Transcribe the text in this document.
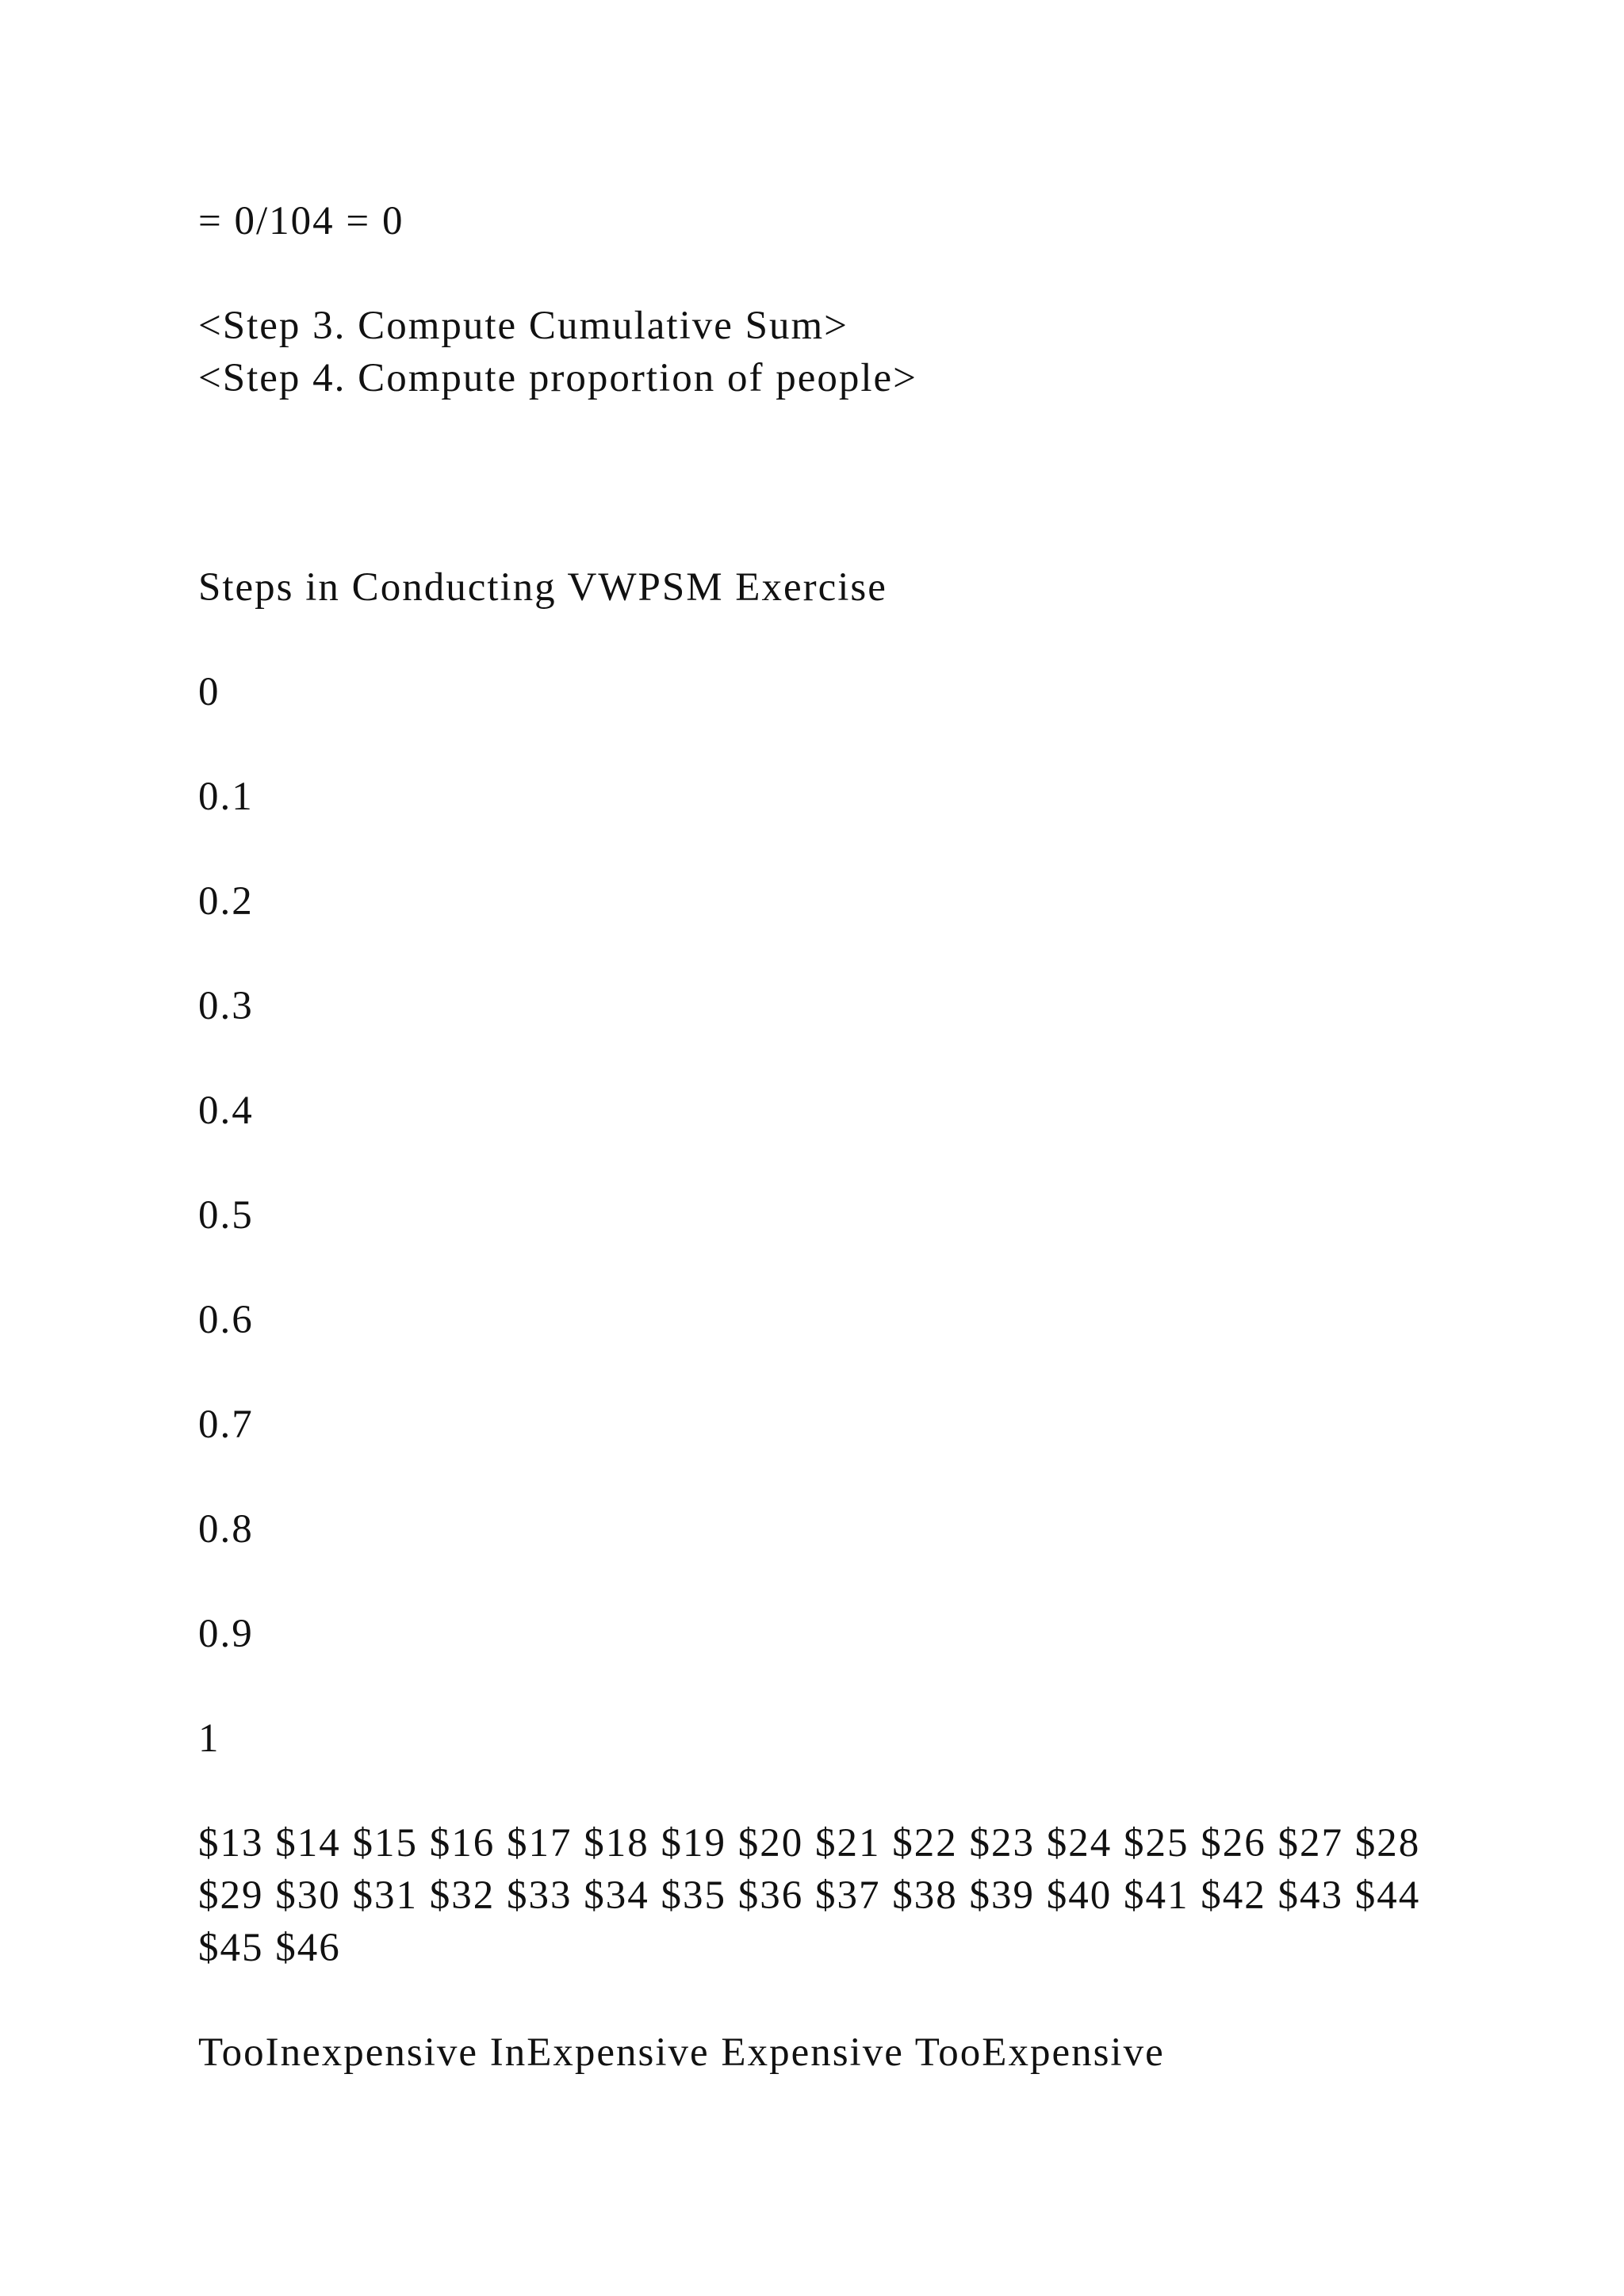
= 0/104 = 0

<Step 3. Compute Cumulative Sum>

<Step 4. Compute proportion of people>

Steps in Conducting VWPSM Exercise

0

0.1

0.2

0.3

0.4

0.5

0.6

0.7

0.8

0.9

1

$13 $14 $15 $16 $17 $18 $19 $20 $21 $22 $23 $24 $25 $26 $27 $28 $29 $30 $31 $32 $33 $34 $35 $36 $37 $38 $39 $40 $41 $42 $43 $44 $45 $46

TooInexpensive InExpensive Expensive TooExpensive
